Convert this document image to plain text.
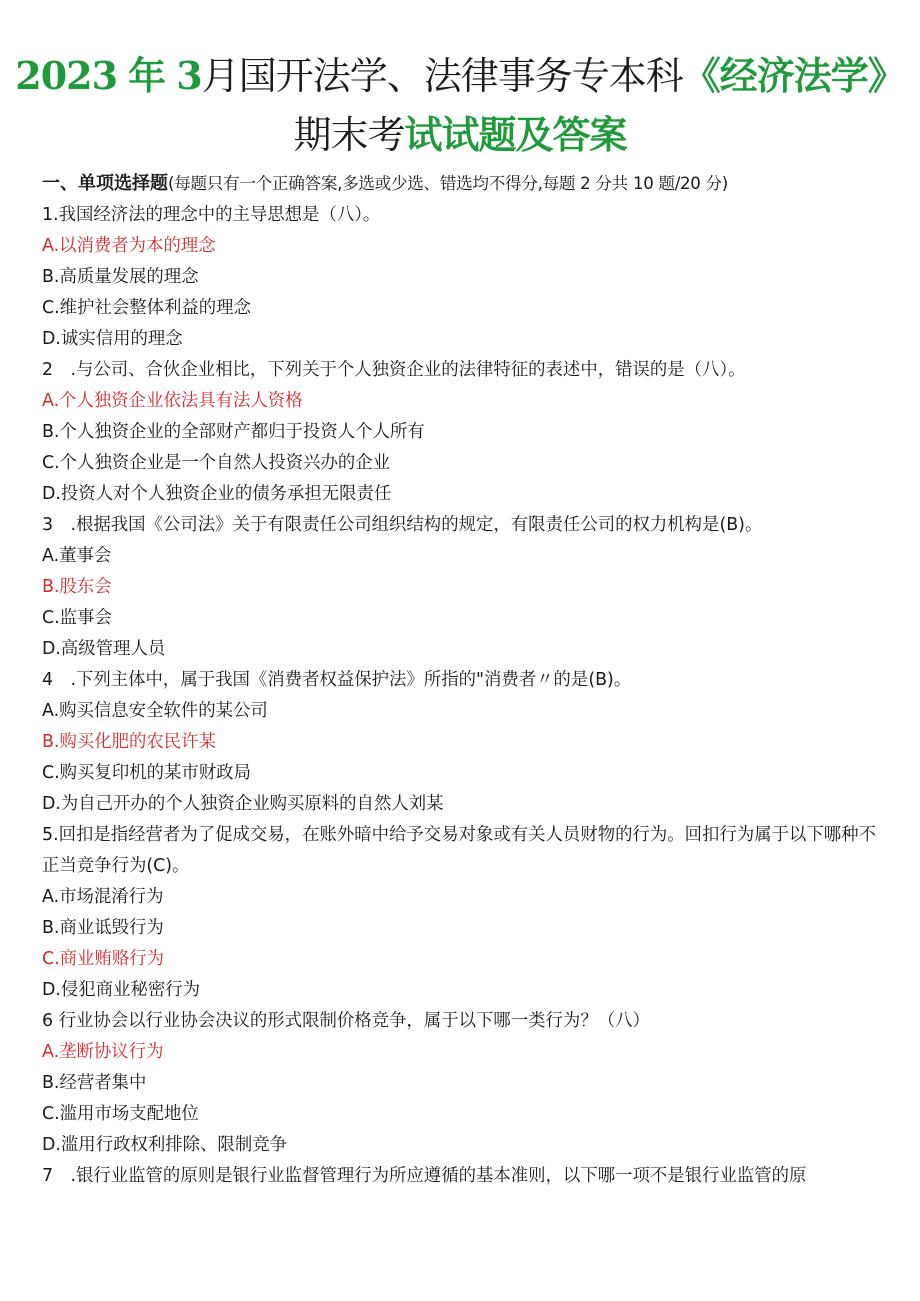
2023 年 3月国开法学、法律事务专本科《经济法学》
期末考试试题及答案
一、单项选择题(每题只有一个正确答案,多选或少选、错选均不得分,每题 2 分共 10 题/20 分)
1.我国经济法的理念中的主导思想是（八）。
A.以消费者为本的理念
B.高质量发展的理念
C.维护社会整体利益的理念
D.诚实信用的理念
2　.与公司、合伙企业相比，下列关于个人独资企业的法律特征的表述中，错误的是（八）。
A.个人独资企业依法具有法人资格
B.个人独资企业的全部财产都归于投资人个人所有
C.个人独资企业是一个自然人投资兴办的企业
D.投资人对个人独资企业的债务承担无限责任
3　.根据我国《公司法》关于有限责任公司组织结构的规定，有限责任公司的权力机构是(B)。
A.董事会
B.股东会
C.监事会
D.高级管理人员
4　.下列主体中，属于我国《消费者权益保护法》所指的"消费者〃的是(B)。
A.购买信息安全软件的某公司
B.购买化肥的农民许某
C.购买复印机的某市财政局
D.为自己开办的个人独资企业购买原料的自然人刘某
5.回扣是指经营者为了促成交易，在账外暗中给予交易对象或有关人员财物的行为。回扣行为属于以下哪种不正当竞争行为(C)。
A.市场混淆行为
B.商业诋毁行为
C.商业贿赂行为
D.侵犯商业秘密行为
6 行业协会以行业协会决议的形式限制价格竞争，属于以下哪一类行为？（八）
A.垄断协议行为
B.经营者集中
C.滥用市场支配地位
D.滥用行政权利排除、限制竞争
7　.银行业监管的原则是银行业监督管理行为所应遵循的基本准则，以下哪一项不是银行业监管的原
